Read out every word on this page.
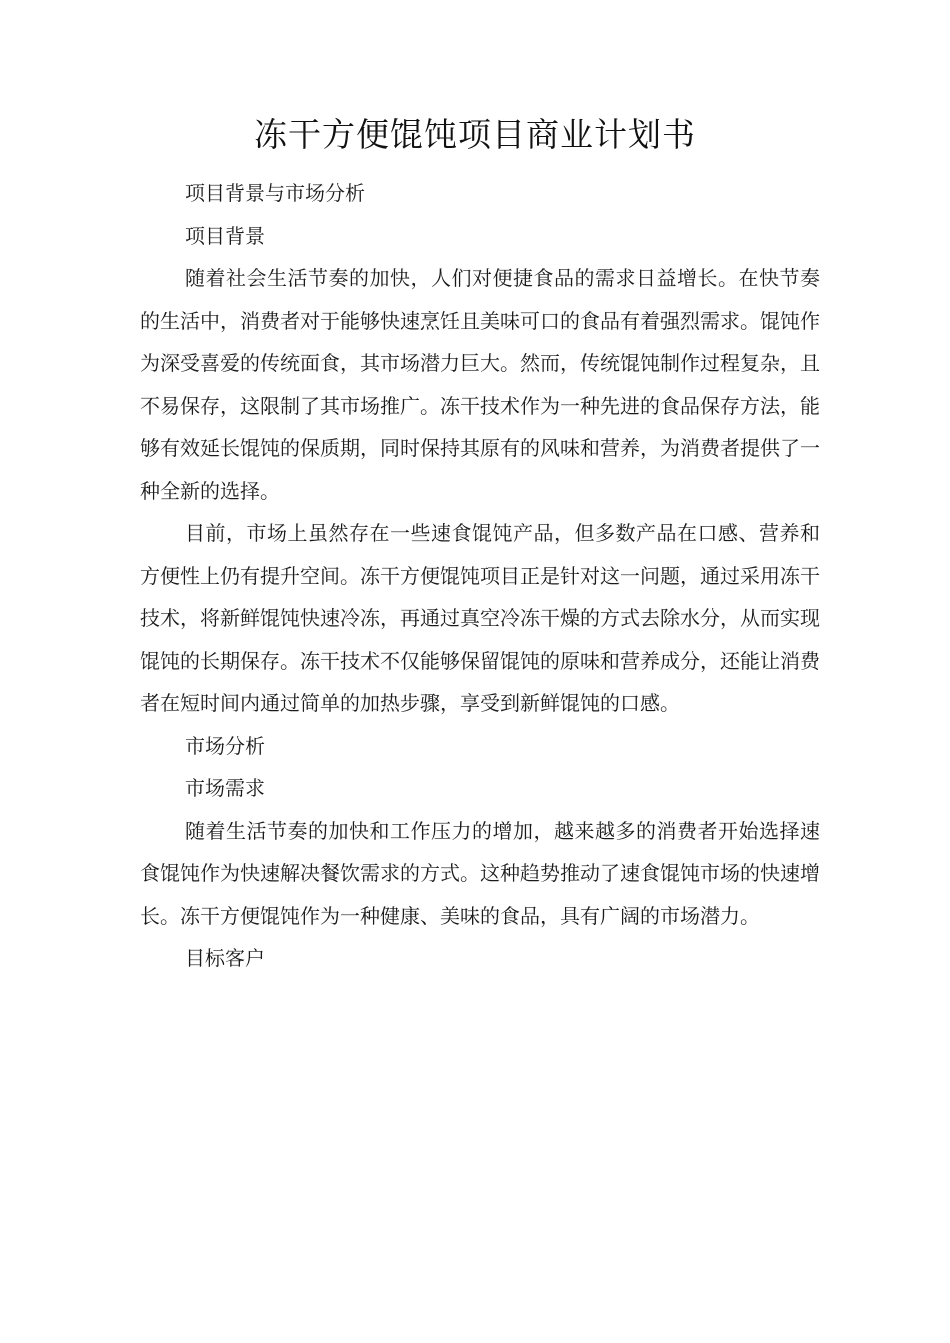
冻干方便馄饨项目商业计划书
项目背景与市场分析
项目背景

随着社会生活节奏的加快，人们对便捷食品的需求日益增长。在快节奏的生活中，消费者对于能够快速烹饪且美味可口的食品有着强烈需求。馄饨作为深受喜爱的传统面食，其市场潜力巨大。然而，传统馄饨制作过程复杂，且不易保存，这限制了其市场推广。冻干技术作为一种先进的食品保存方法，能够有效延长馄饨的保质期，同时保持其原有的风味和营养，为消费者提供了一种全新的选择。

目前，市场上虽然存在一些速食馄饨产品，但多数产品在口感、营养和方便性上仍有提升空间。冻干方便馄饨项目正是针对这一问题，通过采用冻干技术，将新鲜馄饨快速冷冻，再通过真空冷冻干燥的方式去除水分，从而实现馄饨的长期保存。冻干技术不仅能够保留馄饨的原味和营养成分，还能让消费者在短时间内通过简单的加热步骤，享受到新鲜馄饨的口感。

市场分析
市场需求

随着生活节奏的加快和工作压力的增加，越来越多的消费者开始选择速食馄饨作为快速解决餐饮需求的方式。这种趋势推动了速食馄饨市场的快速增长。冻干方便馄饨作为一种健康、美味的食品，具有广阔的市场潜力。

目标客户
